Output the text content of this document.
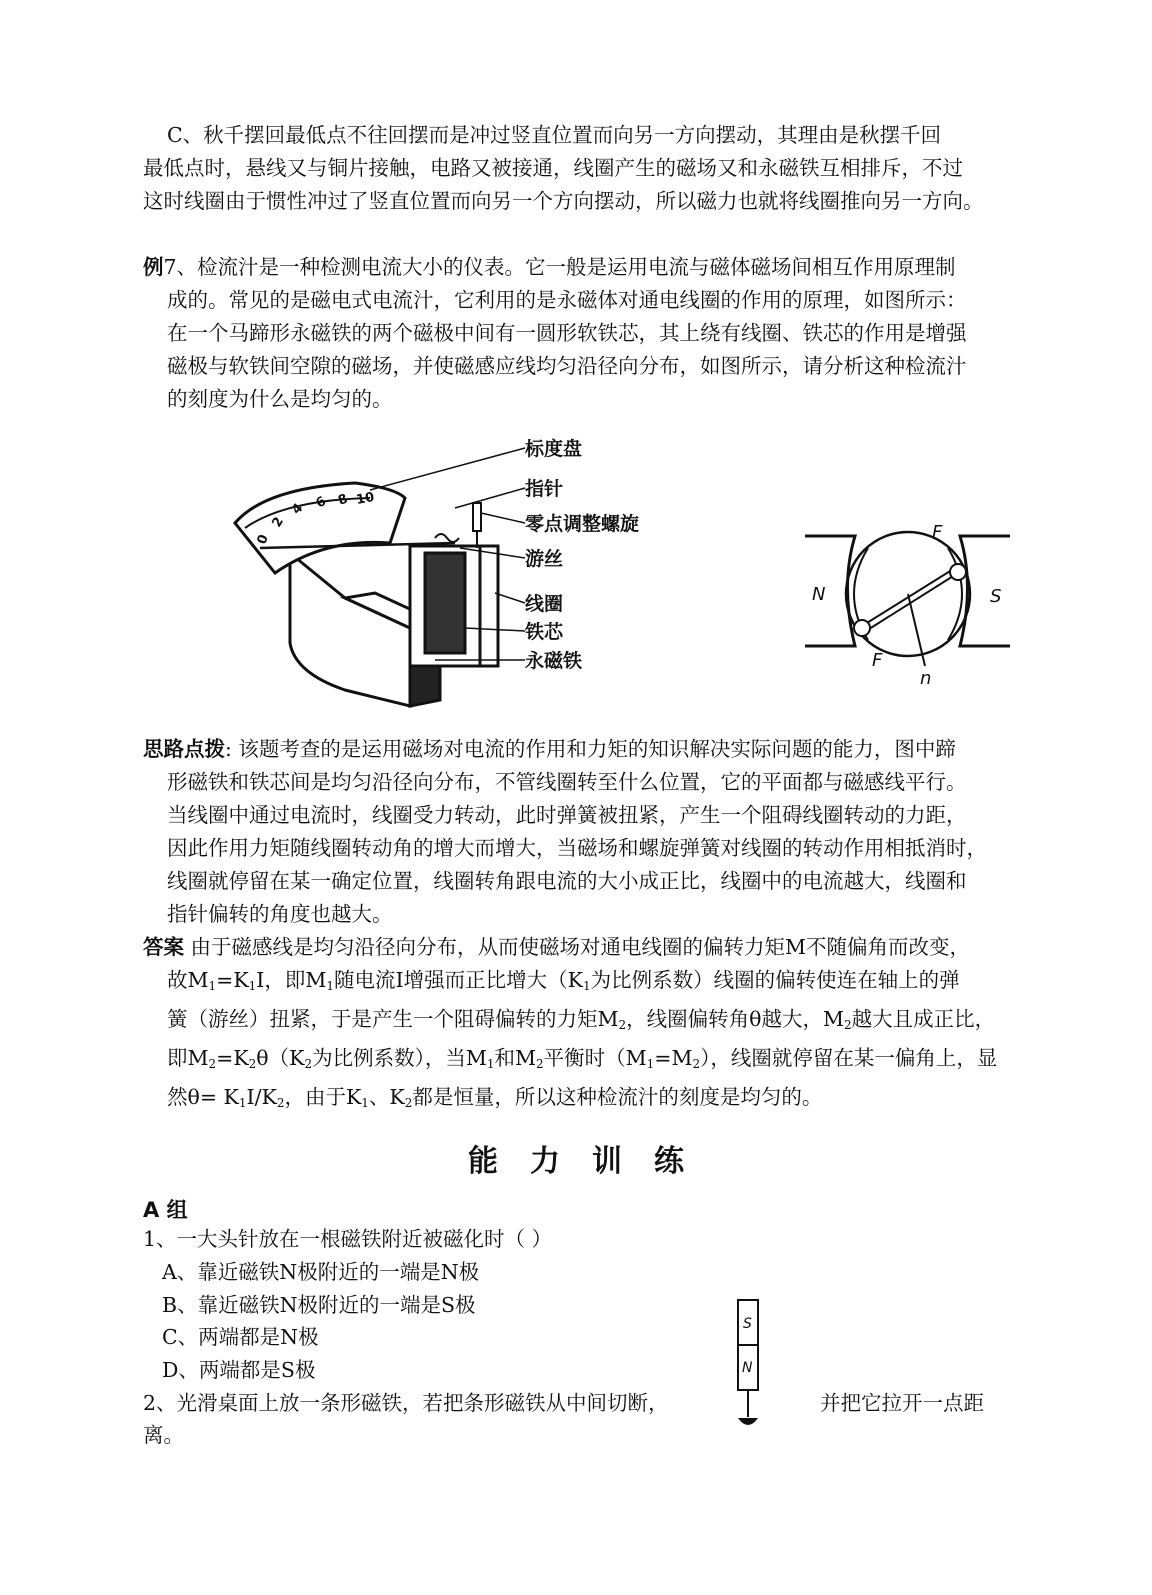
C、秋千摆回最低点不往回摆而是冲过竖直位置而向另一方向摆动，其理由是秋摆千回
最低点时，悬线又与铜片接触，电路又被接通，线圈产生的磁场又和永磁铁互相排斥，不过
这时线圈由于惯性冲过了竖直位置而向另一个方向摆动，所以磁力也就将线圈推向另一方向。
例7、检流汁是一种检测电流大小的仪表。它一般是运用电流与磁体磁场间相互作用原理制
成的。常见的是磁电式电流汁，它利用的是永磁体对通电线圈的作用的原理，如图所示：
在一个马蹄形永磁铁的两个磁极中间有一圆形软铁芯，其上绕有线圈、铁芯的作用是增强
磁极与软铁间空隙的磁场，并使磁感应线均匀沿径向分布，如图所示，请分析这种检流汁
的刻度为什么是均匀的。
0
2
4 6 8 10
标度盘
指针
零点调整螺旋
游丝
线圈
铁芯
永磁铁
N	S
F
F
n
思路点拨: 该题考查的是运用磁场对电流的作用和力矩的知识解决实际问题的能力，图中蹄
形磁铁和铁芯间是均匀沿径向分布，不管线圈转至什么位置，它的平面都与磁感线平行。
当线圈中通过电流时，线圈受力转动，此时弹簧被扭紧，产生一个阻碍线圈转动的力距，
因此作用力矩随线圈转动角的增大而增大，当磁场和螺旋弹簧对线圈的转动作用相抵消时，
线圈就停留在某一确定位置，线圈转角跟电流的大小成正比，线圈中的电流越大，线圈和
指针偏转的角度也越大。
答案 由于磁感线是均匀沿径向分布，从而使磁场对通电线圈的偏转力矩M不随偏角而改变，
故$M_1=K_1I$，即$M_1$随电流I增强而正比增大（$K_1$为比例系数）线圈的偏转使连在轴上的弹
簧（游丝）扭紧，于是产生一个阻碍偏转的力矩$M_2$，线圈偏转角θ越大，$M_2$越大且成正比，
即$M_2=K_2\theta(K_2$为比例系数），当$M_1$和$M_2$平衡时$(M_1=M_2)$，线圈就停留在某一偏角上，显
然$\theta= K_1I/K_2$，由于$K_1$、$K_2$都是恒量，所以这种检流汁的刻度是均匀的。
能力训练
A 组
1、一大头针放在一根磁铁附近被磁化时（ ）
A、靠近磁铁N极附近的一端是N极
B、靠近磁铁N极附近的一端是S极
C、两端都是N极
D、两端都是S极
S
N
2、光滑桌面上放一条形磁铁，若把条形磁铁从中间切断，	并把它拉开一点距
离。
